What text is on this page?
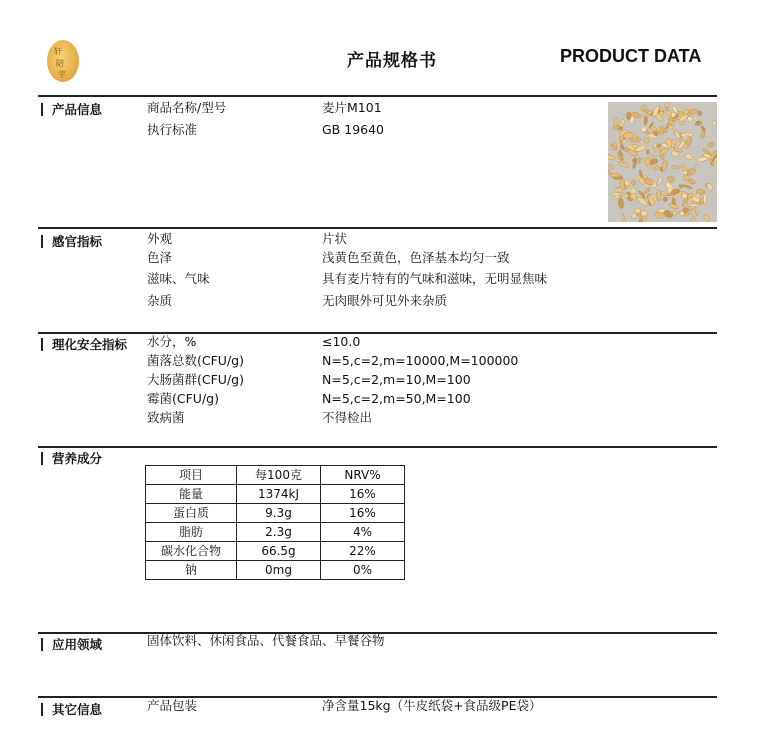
轩
·
陪
宇
产品规格书	PRODUCT DATA
产品信息	商品名称/型号	麦片M101
执行标准	GB 19640
感官指标	外观	片状
色泽	浅黄色至黄色，色泽基本均匀一致
滋味、气味	具有麦片特有的气味和滋味，无明显焦味
杂质	无肉眼外可见外来杂质
理化安全指标 水分，%	≤10.0
菌落总数(CFU/g)	N=5,c=2,m=10000,M=100000
大肠菌群(CFU/g)	N=5,c=2,m=10,M=100
霉菌(CFU/g)	N=5,c=2,m=50,M=100
致病菌	不得检出
营养成分
项目	每100克	NRV%
能量	1374kJ	16%
蛋白质	9.3g	16%
脂肪	2.3g	4%
碳水化合物	66.5g	22%
钠	0mg	0%
应用领域	固体饮料、休闲食品、代餐食品、早餐谷物
其它信息	产品包装	净含量15kg（牛皮纸袋+食品级PE袋）
